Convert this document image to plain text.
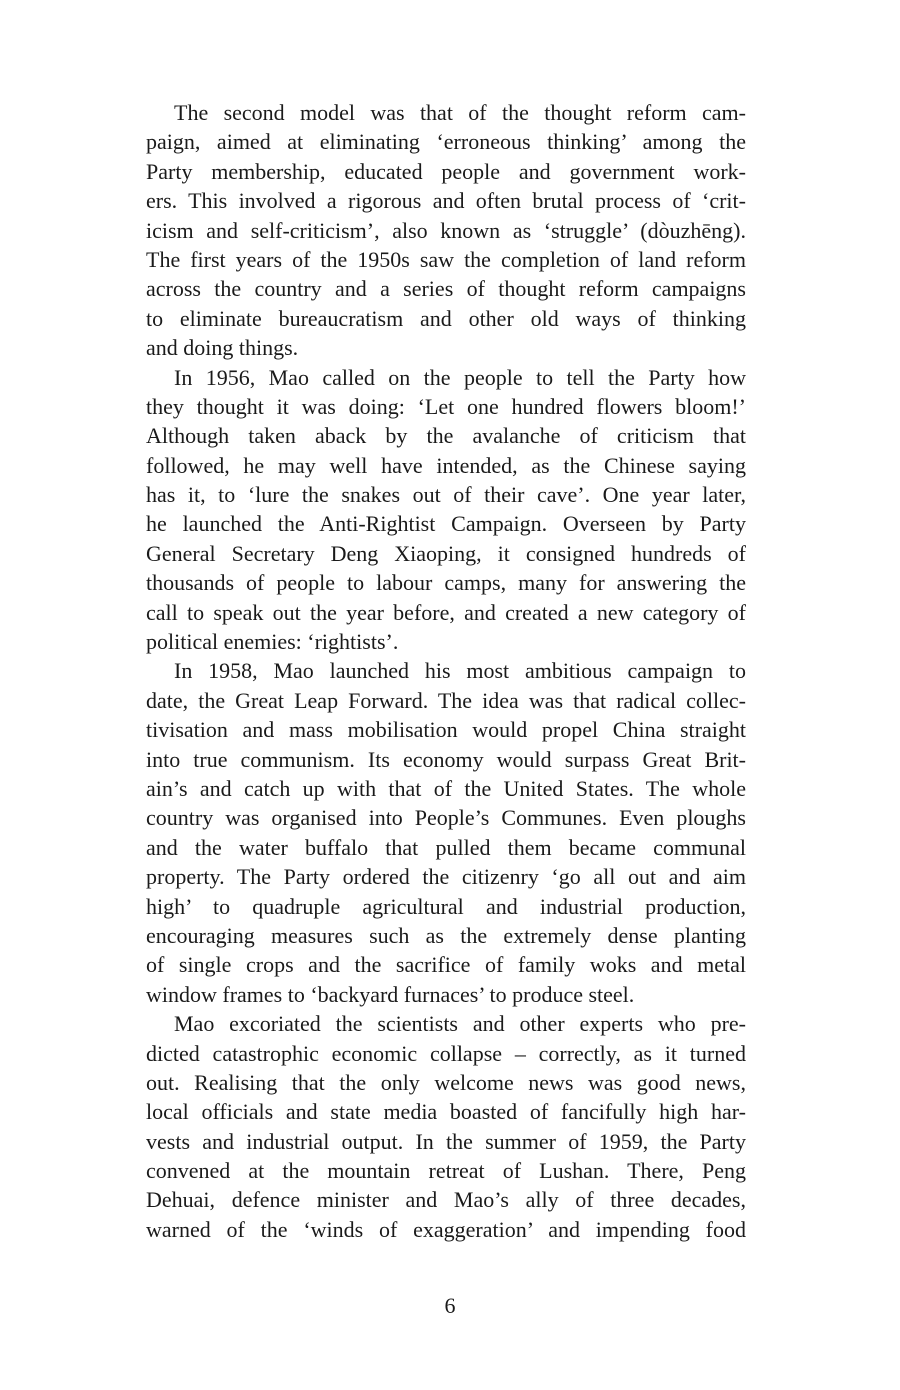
The second model was that of the thought reform cam-
paign, aimed at eliminating ‘erroneous thinking’ among the
Party membership, educated people and government work-
ers. This involved a rigorous and often brutal process of ‘crit-
icism and self-criticism’, also known as ‘struggle’ (dòuzhēng).
The first years of the 1950s saw the completion of land reform
across the country and a series of thought reform campaigns
to eliminate bureaucratism and other old ways of thinking
and doing things.
In 1956, Mao called on the people to tell the Party how
they thought it was doing: ‘Let one hundred flowers bloom!’
Although taken aback by the avalanche of criticism that
followed, he may well have intended, as the Chinese saying
has it, to ‘lure the snakes out of their cave’. One year later,
he launched the Anti-Rightist Campaign. Overseen by Party
General Secretary Deng Xiaoping, it consigned hundreds of
thousands of people to labour camps, many for answering the
call to speak out the year before, and created a new category of
political enemies: ‘rightists’.
In 1958, Mao launched his most ambitious campaign to
date, the Great Leap Forward. The idea was that radical collec-
tivisation and mass mobilisation would propel China straight
into true communism. Its economy would surpass Great Brit-
ain’s and catch up with that of the United States. The whole
country was organised into People’s Communes. Even ploughs
and the water buffalo that pulled them became communal
property. The Party ordered the citizenry ‘go all out and aim
high’ to quadruple agricultural and industrial production,
encouraging measures such as the extremely dense planting
of single crops and the sacrifice of family woks and metal
window frames to ‘backyard furnaces’ to produce steel.
Mao excoriated the scientists and other experts who pre-
dicted catastrophic economic collapse – correctly, as it turned
out. Realising that the only welcome news was good news,
local officials and state media boasted of fancifully high har-
vests and industrial output. In the summer of 1959, the Party
convened at the mountain retreat of Lushan. There, Peng
Dehuai, defence minister and Mao’s ally of three decades,
warned of the ‘winds of exaggeration’ and impending food
6
